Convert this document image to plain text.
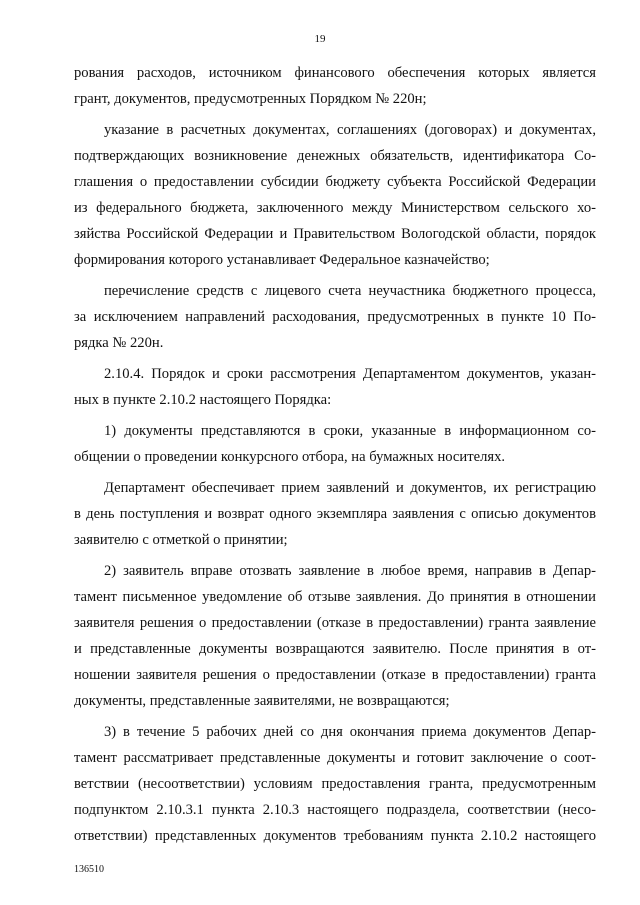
19
рования расходов, источником финансового обеспечения которых является
грант, документов, предусмотренных Порядком № 220н;
указание в расчетных документах, соглашениях (договорах) и документах,
подтверждающих возникновение денежных обязательств, идентификатора Со-
глашения о предоставлении субсидии бюджету субъекта Российской Федерации
из федерального бюджета, заключенного между Министерством сельского хо-
зяйства Российской Федерации и Правительством Вологодской области, порядок
формирования которого устанавливает Федеральное казначейство;
перечисление средств с лицевого счета неучастника бюджетного процесса,
за исключением направлений расходования, предусмотренных в пункте 10 По-
рядка № 220н.
2.10.4. Порядок и сроки рассмотрения Департаментом документов, указан-
ных в пункте 2.10.2 настоящего Порядка:
1) документы представляются в сроки, указанные в информационном со-
общении о проведении конкурсного отбора, на бумажных носителях.
Департамент обеспечивает прием заявлений и документов, их регистрацию
в день поступления и возврат одного экземпляра заявления с описью документов
заявителю с отметкой о принятии;
2) заявитель вправе отозвать заявление в любое время, направив в Депар-
тамент письменное уведомление об отзыве заявления. До принятия в отношении
заявителя решения о предоставлении (отказе в предоставлении) гранта заявление
и представленные документы возвращаются заявителю. После принятия в от-
ношении заявителя решения о предоставлении (отказе в предоставлении) гранта
документы, представленные заявителями, не возвращаются;
3) в течение 5 рабочих дней со дня окончания приема документов Депар-
тамент рассматривает представленные документы и готовит заключение о соот-
ветствии (несоответствии) условиям предоставления гранта, предусмотренным
подпунктом 2.10.3.1 пункта 2.10.3 настоящего подраздела, соответствии (несо-
ответствии) представленных документов требованиям пункта 2.10.2 настоящего
136510
